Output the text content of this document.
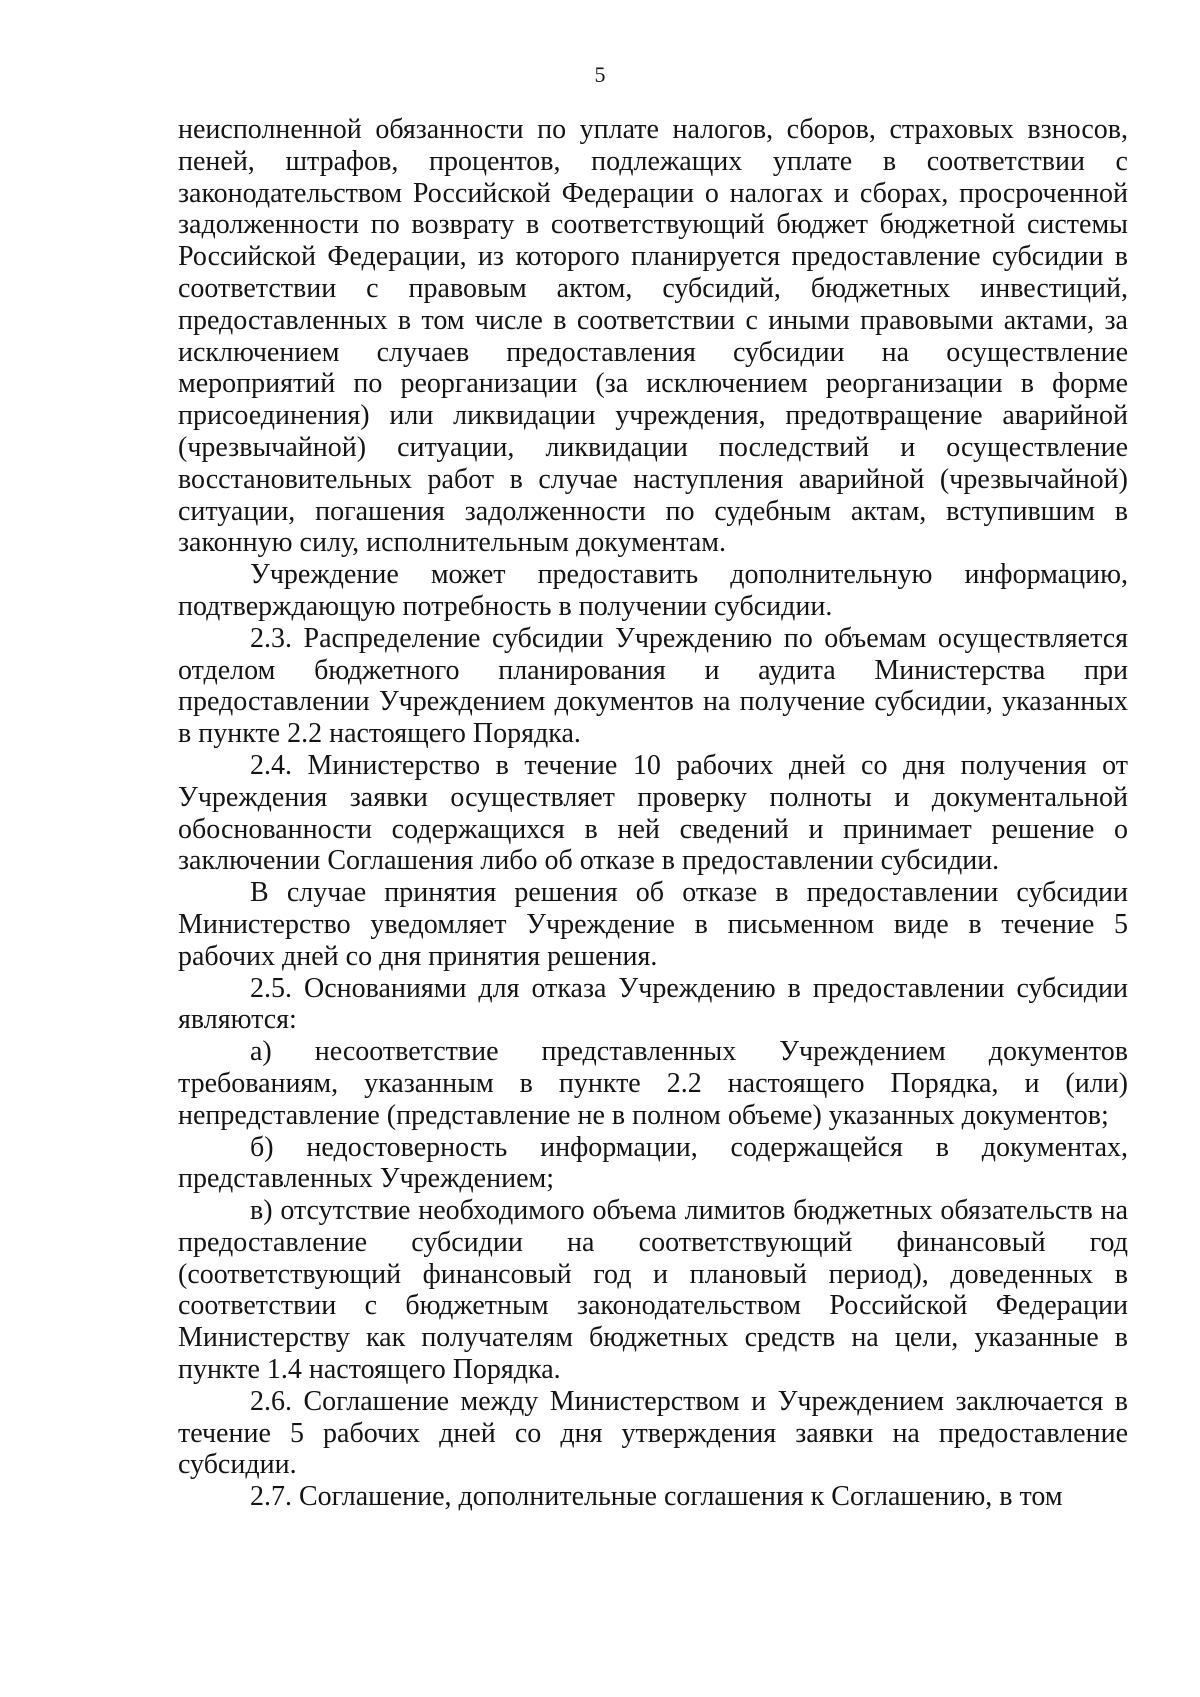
5

неисполненной обязанности по уплате налогов, сборов, страховых взносов, пеней, штрафов, процентов, подлежащих уплате в соответствии с законодательством Российской Федерации о налогах и сборах, просроченной задолженности по возврату в соответствующий бюджет бюджетной системы Российской Федерации, из которого планируется предоставление субсидии в соответствии с правовым актом, субсидий, бюджетных инвестиций, предоставленных в том числе в соответствии с иными правовыми актами, за исключением случаев предоставления субсидии на осуществление мероприятий по реорганизации (за исключением реорганизации в форме присоединения) или ликвидации учреждения, предотвращение аварийной (чрезвычайной) ситуации, ликвидации последствий и осуществление восстановительных работ в случае наступления аварийной (чрезвычайной) ситуации, погашения задолженности по судебным актам, вступившим в законную силу, исполнительным документам.

Учреждение может предоставить дополнительную информацию, подтверждающую потребность в получении субсидии.

2.3. Распределение субсидии Учреждению по объемам осуществляется отделом бюджетного планирования и аудита Министерства при предоставлении Учреждением документов на получение субсидии, указанных в пункте 2.2 настоящего Порядка.

2.4. Министерство в течение 10 рабочих дней со дня получения от Учреждения заявки осуществляет проверку полноты и документальной обоснованности содержащихся в ней сведений и принимает решение о заключении Соглашения либо об отказе в предоставлении субсидии.

В случае принятия решения об отказе в предоставлении субсидии Министерство уведомляет Учреждение в письменном виде в течение 5 рабочих дней со дня принятия решения.

2.5. Основаниями для отказа Учреждению в предоставлении субсидии являются:

а) несоответствие представленных Учреждением документов требованиям, указанным в пункте 2.2 настоящего Порядка, и (или) непредставление (представление не в полном объеме) указанных документов;

б) недостоверность информации, содержащейся в документах, представленных Учреждением;

в) отсутствие необходимого объема лимитов бюджетных обязательств на предоставление субсидии на соответствующий финансовый год (соответствующий финансовый год и плановый период), доведенных в соответствии с бюджетным законодательством Российской Федерации Министерству как получателям бюджетных средств на цели, указанные в пункте 1.4 настоящего Порядка.

2.6. Соглашение между Министерством и Учреждением заключается в течение 5 рабочих дней со дня утверждения заявки на предоставление субсидии.

2.7. Соглашение, дополнительные соглашения к Соглашению, в том
